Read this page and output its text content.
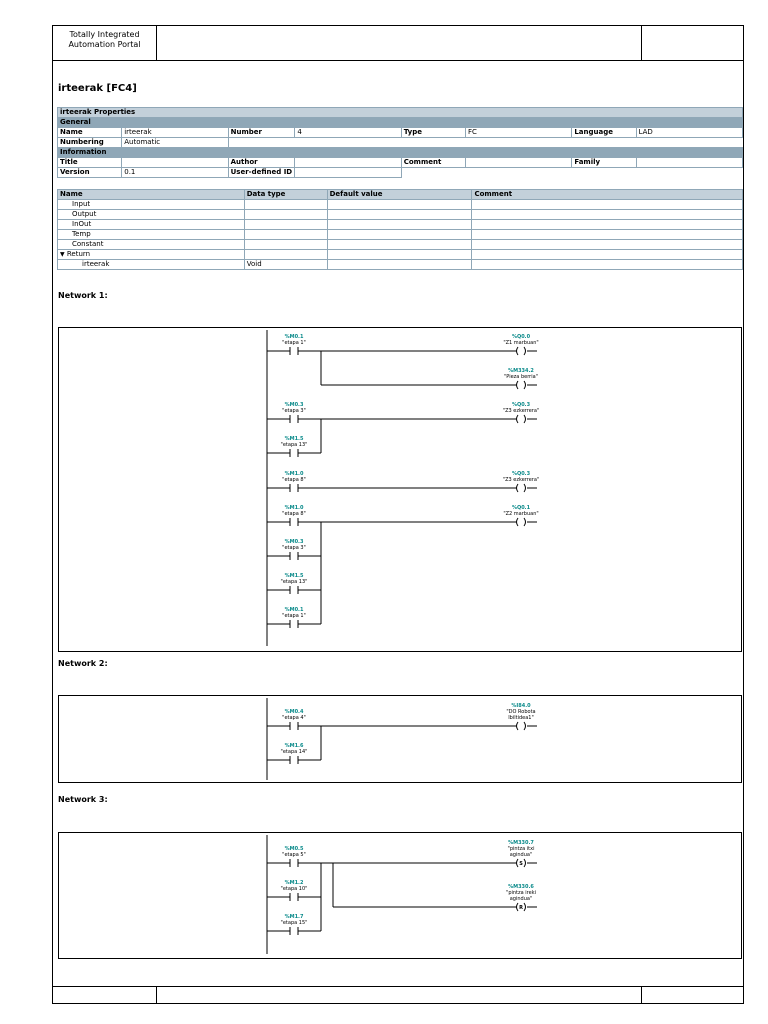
Totally Integrated
Automation Portal
irteerak [FC4]
irteerak Properties							
General							
Name	irteerak	Number	4	Type	FC	Language	LAD
Numbering	Automatic						
Information							
Title		Author		Comment		Family	
Version	0.1	User-defined ID					
Name	Data type	Default value	Comment
Input			
Output			
InOut			
Temp			
Constant			
▼ Return			
irteerak	Void		
Network 1:
%M0.1
"etapa 1"
%M0.3
"etapa 3"
%M1.5
"etapa 13"
%M1.0
"etapa 8"
%M1.0
"etapa 8"
%M0.3
"etapa 3"
%M1.5
"etapa 13"
%M0.1
"etapa 1"
%Q0.0
"Z1 marbuan"
%M334.2
"Pieza berria"
%Q0.3
"Z3 ezkerrera"
%Q0.3
"Z3 ezkerrera"
%Q0.1
"Z2 marbuan"
Network 2:
%M0.4
"etapa 4"
%M1.6
"etapa 14"
%I84.0
"DO Robota
Ibiltidea1"
Network 3:
%M0.5
"etapa 5"
%M1.2
"etapa 10"
%M1.7
"etapa 15"
%M330.7
"pintza itxi
agindua"
S
%M330.6
"pintza ireki
agindua"
R
